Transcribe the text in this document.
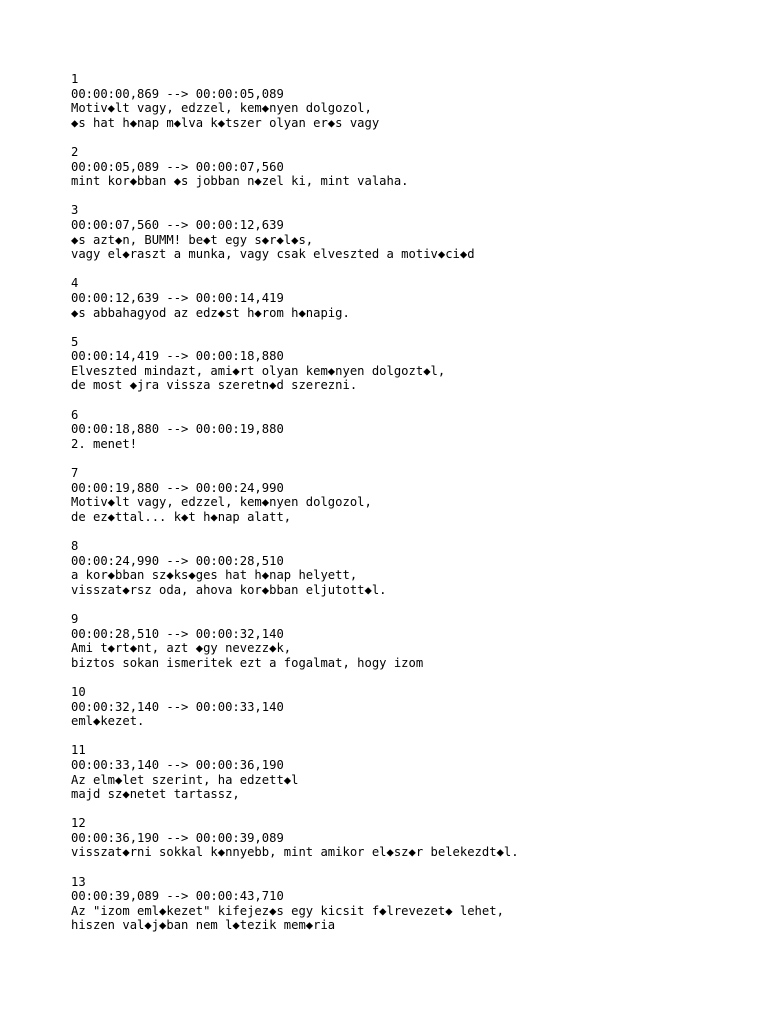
1
00:00:00,869 --> 00:00:05,089
Motiv◆lt vagy, edzzel, kem◆nyen dolgozol,
◆s hat h◆nap m◆lva k◆tszer olyan er◆s vagy
2
00:00:05,089 --> 00:00:07,560
mint kor◆bban ◆s jobban n◆zel ki, mint valaha.
3
00:00:07,560 --> 00:00:12,639
◆s azt◆n, BUMM! be◆t egy s◆r◆l◆s,
vagy el◆raszt a munka, vagy csak elveszted a motiv◆ci◆d
4
00:00:12,639 --> 00:00:14,419
◆s abbahagyod az edz◆st h◆rom h◆napig.
5
00:00:14,419 --> 00:00:18,880
Elveszted mindazt, ami◆rt olyan kem◆nyen dolgozt◆l,
de most ◆jra vissza szeretn◆d szerezni.
6
00:00:18,880 --> 00:00:19,880
2. menet!
7
00:00:19,880 --> 00:00:24,990
Motiv◆lt vagy, edzzel, kem◆nyen dolgozol,
de ez◆ttal... k◆t h◆nap alatt,
8
00:00:24,990 --> 00:00:28,510
a kor◆bban sz◆ks◆ges hat h◆nap helyett,
visszat◆rsz oda, ahova kor◆bban eljutott◆l.
9
00:00:28,510 --> 00:00:32,140
Ami t◆rt◆nt, azt ◆gy nevezz◆k,
biztos sokan ismeritek ezt a fogalmat, hogy izom
10
00:00:32,140 --> 00:00:33,140
eml◆kezet.
11
00:00:33,140 --> 00:00:36,190
Az elm◆let szerint, ha edzett◆l
majd sz◆netet tartassz,
12
00:00:36,190 --> 00:00:39,089
visszat◆rni sokkal k◆nnyebb, mint amikor el◆sz◆r belekezdt◆l.
13
00:00:39,089 --> 00:00:43,710
Az "izom eml◆kezet" kifejez◆s egy kicsit f◆lrevezet◆ lehet,
hiszen val◆j◆ban nem l◆tezik mem◆ria
